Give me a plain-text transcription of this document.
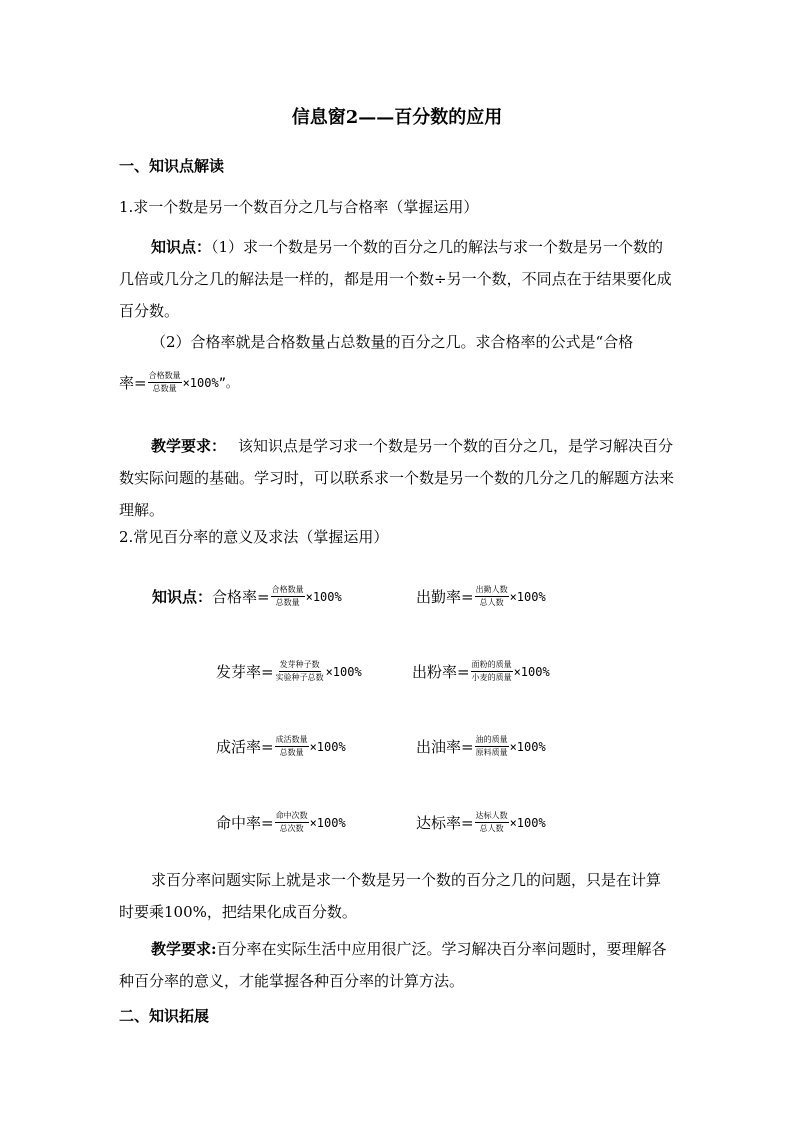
信息窗2——百分数的应用
一、知识点解读
1.求一个数是另一个数百分之几与合格率（掌握运用）
知识点：（1）求一个数是另一个数的百分之几的解法与求一个数是另一个数的几倍或几分之几的解法是一样的，都是用一个数÷另一个数，不同点在于结果要化成百分数。
（2）合格率就是合格数量占总数量的百分之几。求合格率的公式是“合格
率= $\frac{\text{合格数量}}{\text{总数量}} \times 100\%$”。
教学要求： 该知识点是学习求一个数是另一个数的百分之几，是学习解决百分数实际问题的基础。学习时，可以联系求一个数是另一个数的几分之几的解题方法来理解。
2.常见百分率的意义及求法（掌握运用）
知识点： 合格率= $\frac{\text{合格数量}}{\text{总数量}} \times 100\%$	出勤率= $\frac{\text{出勤人数}}{\text{总人数}} \times 100\%$
发芽率= $\frac{\text{发芽种子数}}{\text{实验种子总数}} \times 100\%$	出粉率= $\frac{\text{面粉的质量}}{\text{小麦的质量}} \times 100\%$
成活率= $\frac{\text{成活数量}}{\text{总数量}} \times 100\%$	出油率= $\frac{\text{油的质量}}{\text{原料质量}} \times 100\%$
命中率= $\frac{\text{命中次数}}{\text{总次数}} \times 100\%$	达标率= $\frac{\text{达标人数}}{\text{总人数}} \times 100\%$
求百分率问题实际上就是求一个数是另一个数的百分之几的问题，只是在计算时要乘100%，把结果化成百分数。
教学要求:百分率在实际生活中应用很广泛。学习解决百分率问题时，要理解各种百分率的意义，才能掌握各种百分率的计算方法。
二、知识拓展
